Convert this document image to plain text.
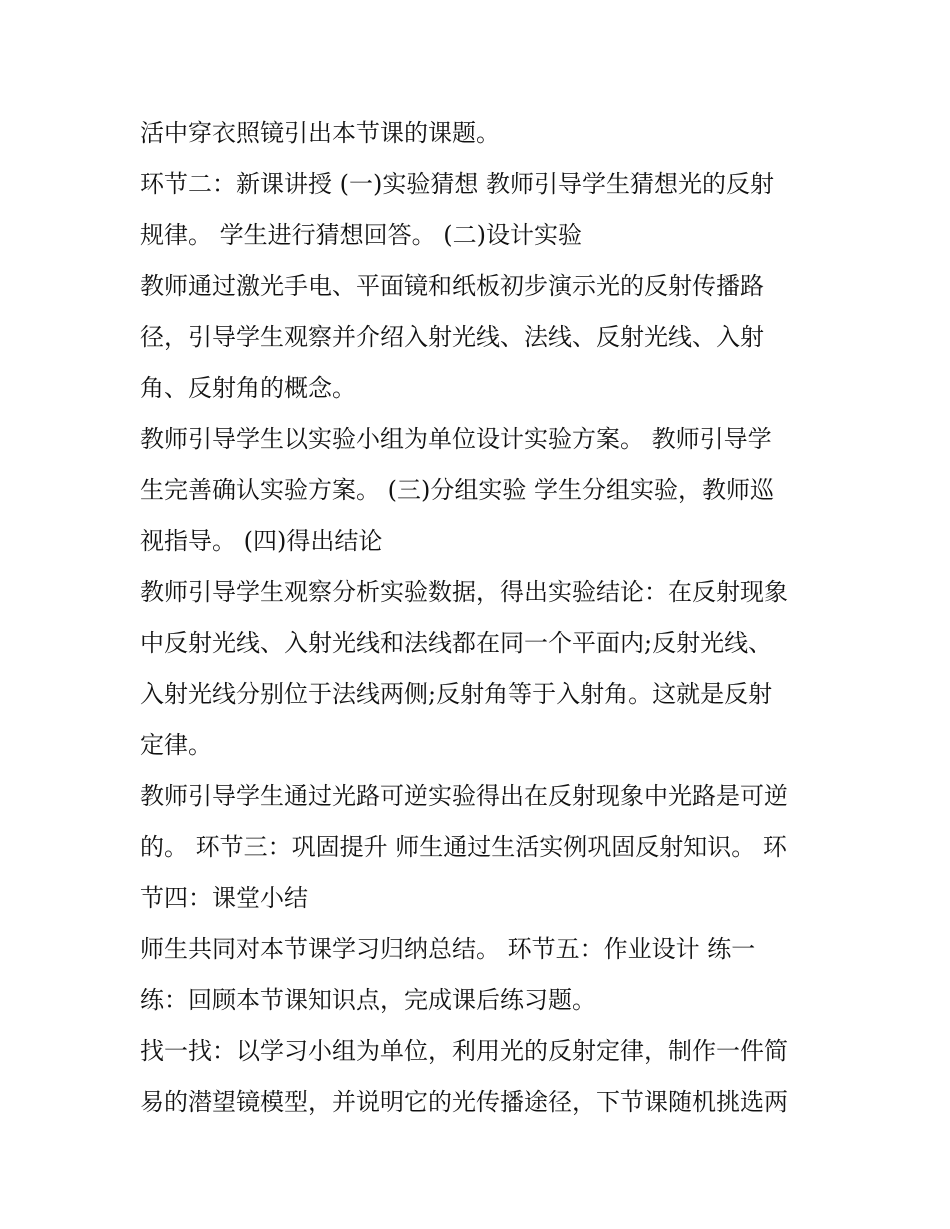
活中穿衣照镜引出本节课的课题。
环节二：新课讲授 (一)实验猜想 教师引导学生猜想光的反射
规律。 学生进行猜想回答。 (二)设计实验
教师通过激光手电、平面镜和纸板初步演示光的反射传播路
径，引导学生观察并介绍入射光线、法线、反射光线、入射
角、反射角的概念。
教师引导学生以实验小组为单位设计实验方案。 教师引导学
生完善确认实验方案。 (三)分组实验 学生分组实验，教师巡
视指导。 (四)得出结论
教师引导学生观察分析实验数据，得出实验结论：在反射现象
中反射光线、入射光线和法线都在同一个平面内;反射光线、
入射光线分别位于法线两侧;反射角等于入射角。这就是反射
定律。
教师引导学生通过光路可逆实验得出在反射现象中光路是可逆
的。 环节三：巩固提升 师生通过生活实例巩固反射知识。 环
节四：课堂小结
师生共同对本节课学习归纳总结。 环节五：作业设计 练一
练：回顾本节课知识点，完成课后练习题。
找一找：以学习小组为单位，利用光的反射定律，制作一件简
易的潜望镜模型，并说明它的光传播途径，下节课随机挑选两
